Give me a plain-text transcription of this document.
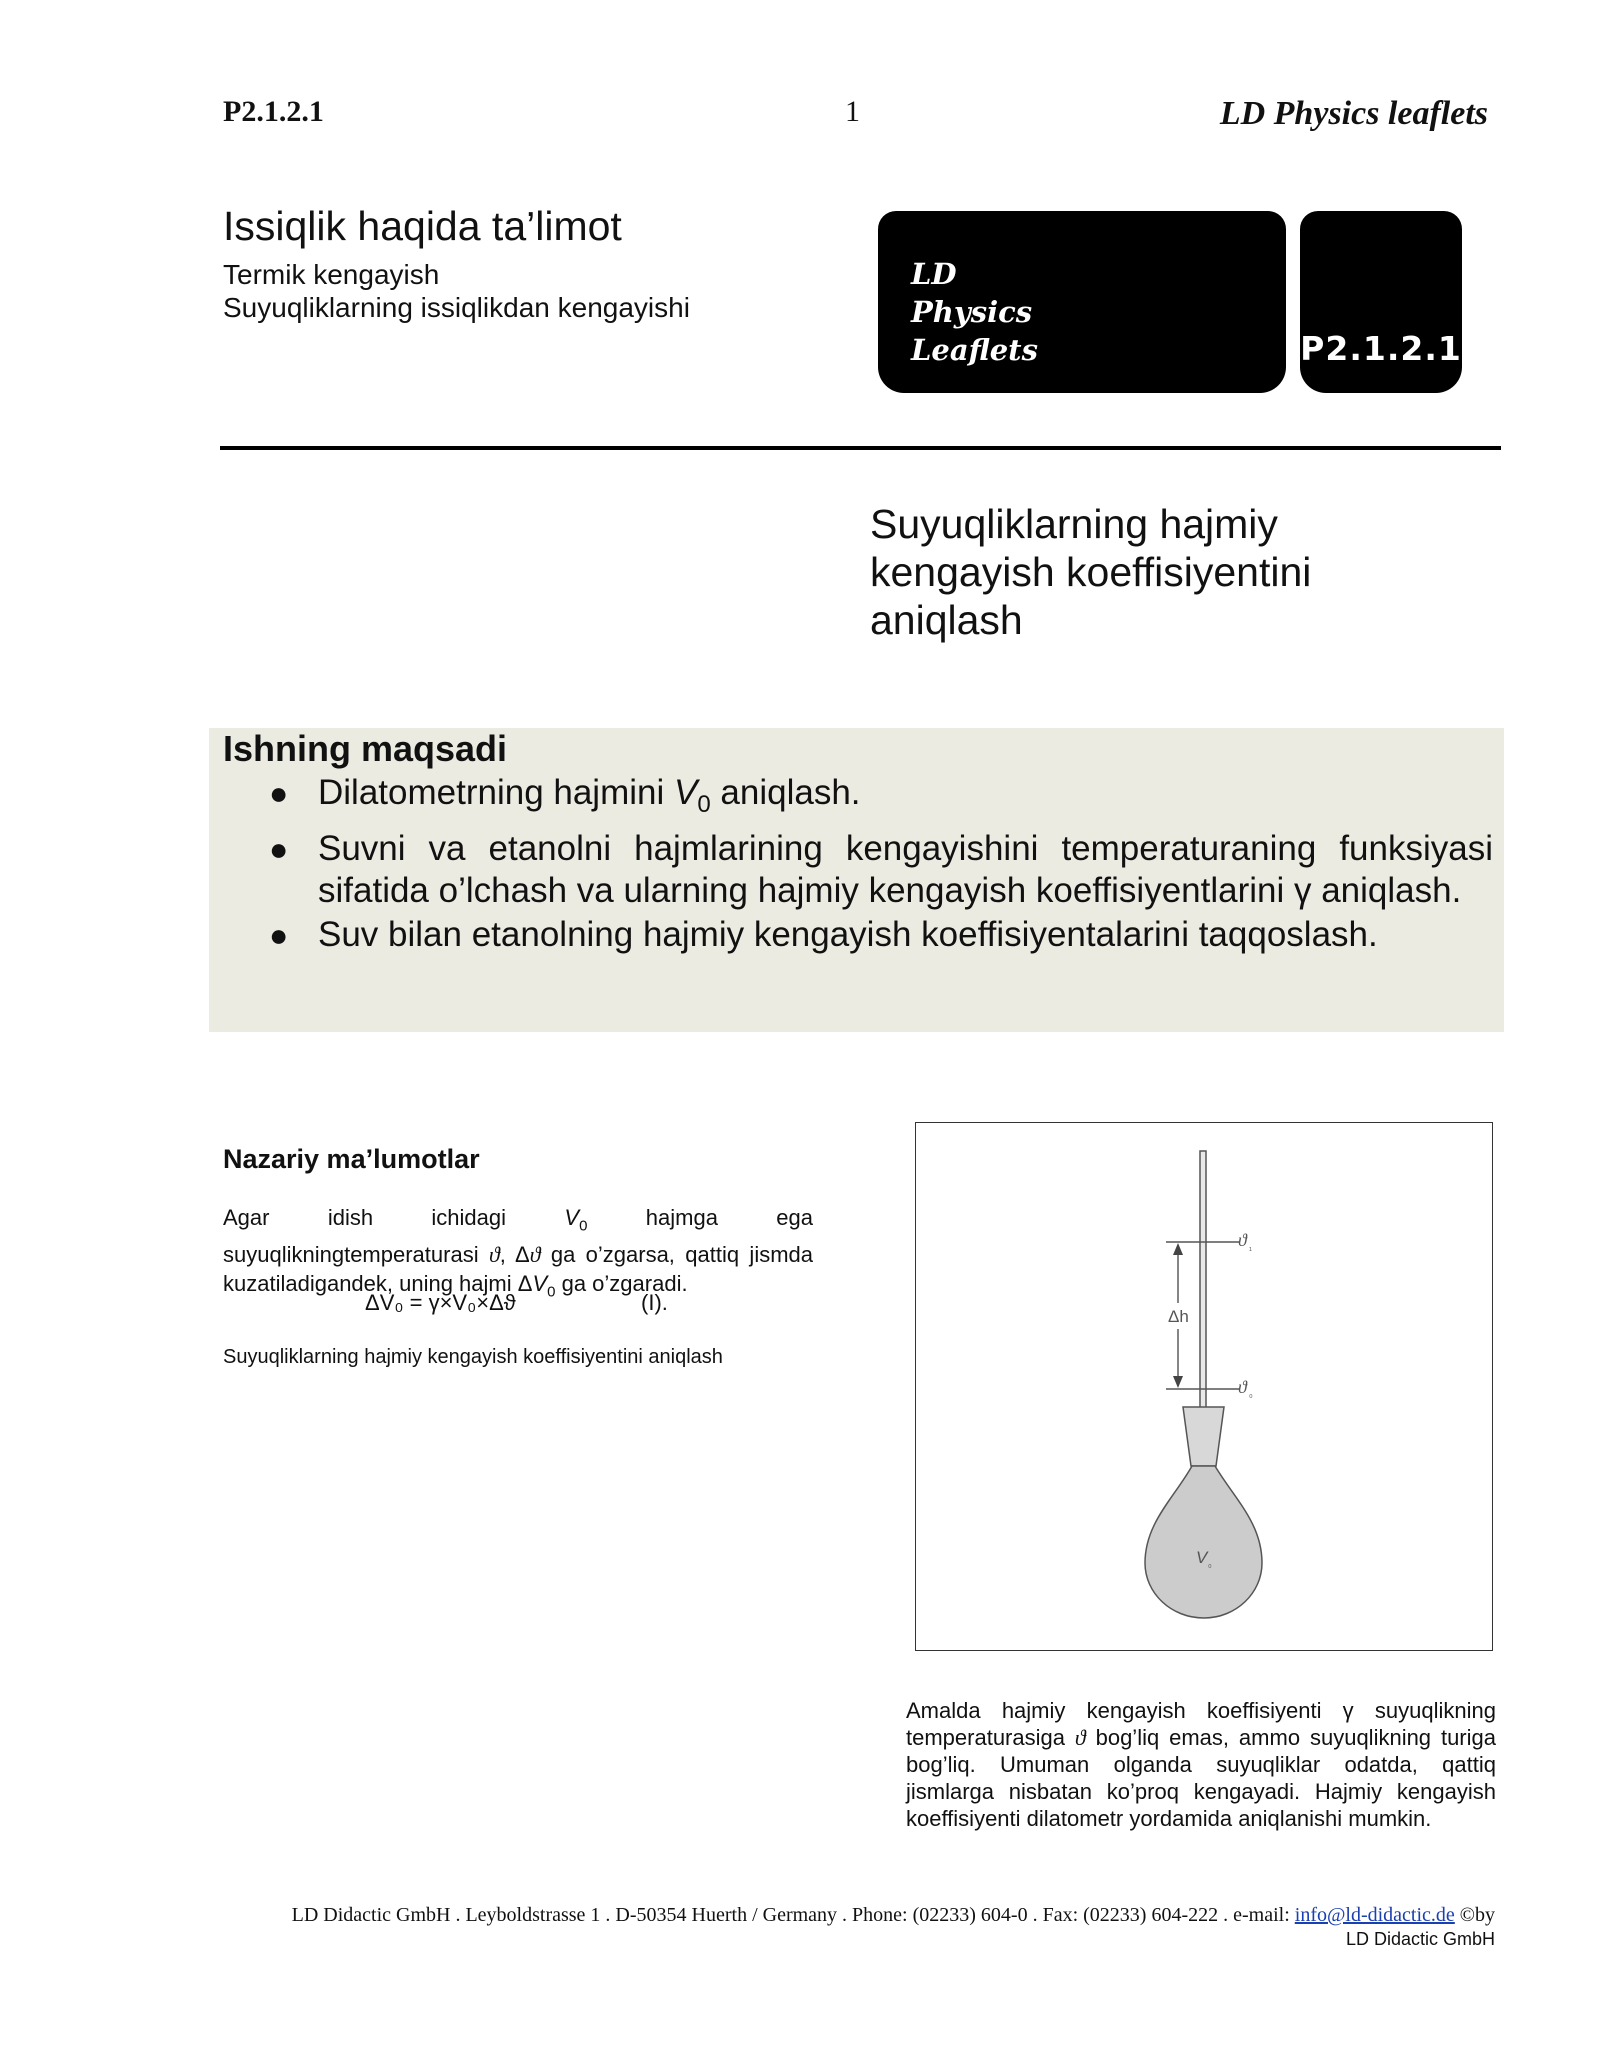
P2.1.2.1	1	LD Physics leaflets
Issiqlik haqida ta’limot
Termik kengayish
Suyuqliklarning issiqlikdan kengayishi
LD
Physics
Leaflets	P2.1.2.1
Suyuqliklarning hajmiy kengayish koeffisiyentini aniqlash
Ishning maqsadi
● Dilatometrning hajmini $V_0$ aniqlash.
● Suvni va etanolni hajmlarining kengayishini temperaturaning funksiyasi sifatida o’lchash va ularning hajmiy kengayish koeffisiyentlarini γ aniqlash.
● Suv bilan etanolning hajmiy kengayish koeffisiyentalarini taqqoslash.
Nazariy ma’lumotlar
Agar idish ichidagi $V_0$ hajmga ega suyuqlikningtemperaturasi ϑ, Δϑ ga o’zgarsa, qattiq jismda kuzatiladigandek, uning hajmi $\Delta V_0$ ga o’zgaradi.
ΔV₀ = γ×V₀×Δϑ	(I).
Suyuqliklarning hajmiy kengayish koeffisiyentini aniqlash
Δh
ϑ ₁
ϑ ₀
V ₀
Amalda hajmiy kengayish koeffisiyenti γ suyuqlikning temperaturasiga ϑ bog’liq emas, ammo suyuqlikning turiga bog’liq. Umuman olganda suyuqliklar odatda, qattiq jismlarga nisbatan ko’proq kengayadi. Hajmiy kengayish koeffisiyenti dilatometr yordamida aniqlanishi mumkin.
LD Didactic GmbH . Leyboldstrasse 1 . D-50354 Huerth / Germany . Phone: (02233) 604-0 . Fax: (02233) 604-222 . e-mail: info@ld-didactic.de ©by
LD Didactic GmbH
